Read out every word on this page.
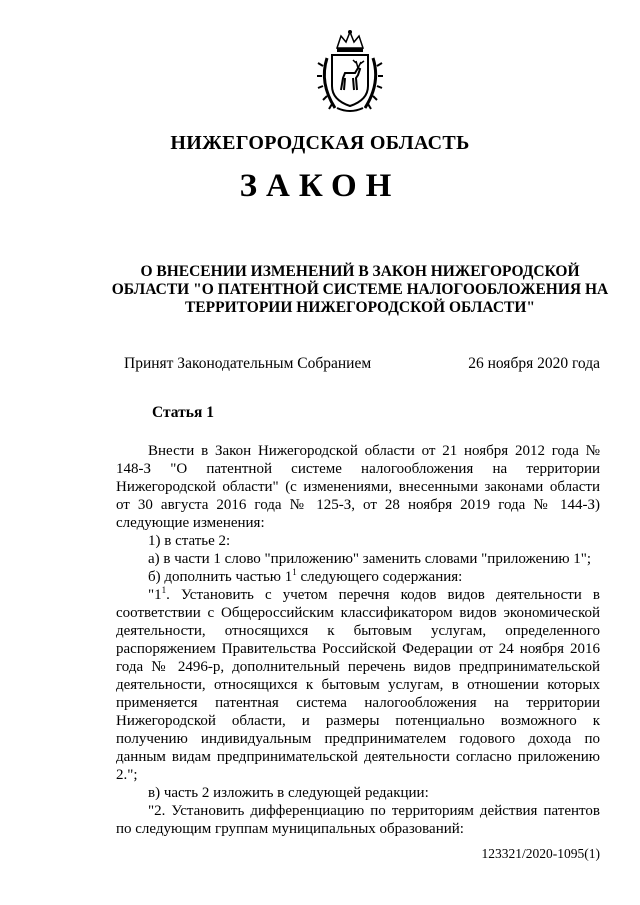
НИЖЕГОРОДСКАЯ ОБЛАСТЬ
ЗАКОН
О ВНЕСЕНИИ ИЗМЕНЕНИЙ В ЗАКОН НИЖЕГОРОДСКОЙ ОБЛАСТИ "О ПАТЕНТНОЙ СИСТЕМЕ НАЛОГООБЛОЖЕНИЯ НА ТЕРРИТОРИИ НИЖЕГОРОДСКОЙ ОБЛАСТИ"
Принят Законодательным Собранием	26 ноября 2020 года
Статья 1

Внести в Закон Нижегородской области от 21 ноября 2012 года № 148-З "О патентной системе налогообложения на территории Нижегородской области" (с изменениями, внесенными законами области от 30 августа 2016 года № 125-З, от 28 ноября 2019 года № 144-З) следующие изменения:

1) в статье 2:

а) в части 1 слово "приложению" заменить словами "приложению 1";

б) дополнить частью $1^1$ следующего содержания:

"$1^1$. Установить с учетом перечня кодов видов деятельности в соответствии с Общероссийским классификатором видов экономической деятельности, относящихся к бытовым услугам, определенного распоряжением Правительства Российской Федерации от 24 ноября 2016 года № 2496-р, дополнительный перечень видов предпринимательской деятельности, относящихся к бытовым услугам, в отношении которых применяется патентная система налогообложения на территории Нижегородской области, и размеры потенциально возможного к получению индивидуальным предпринимателем годового дохода по данным видам предпринимательской деятельности согласно приложению 2.";

в) часть 2 изложить в следующей редакции:

"2. Установить дифференциацию по территориям действия патентов по следующим группам муниципальных образований:

123321/2020-1095(1)
